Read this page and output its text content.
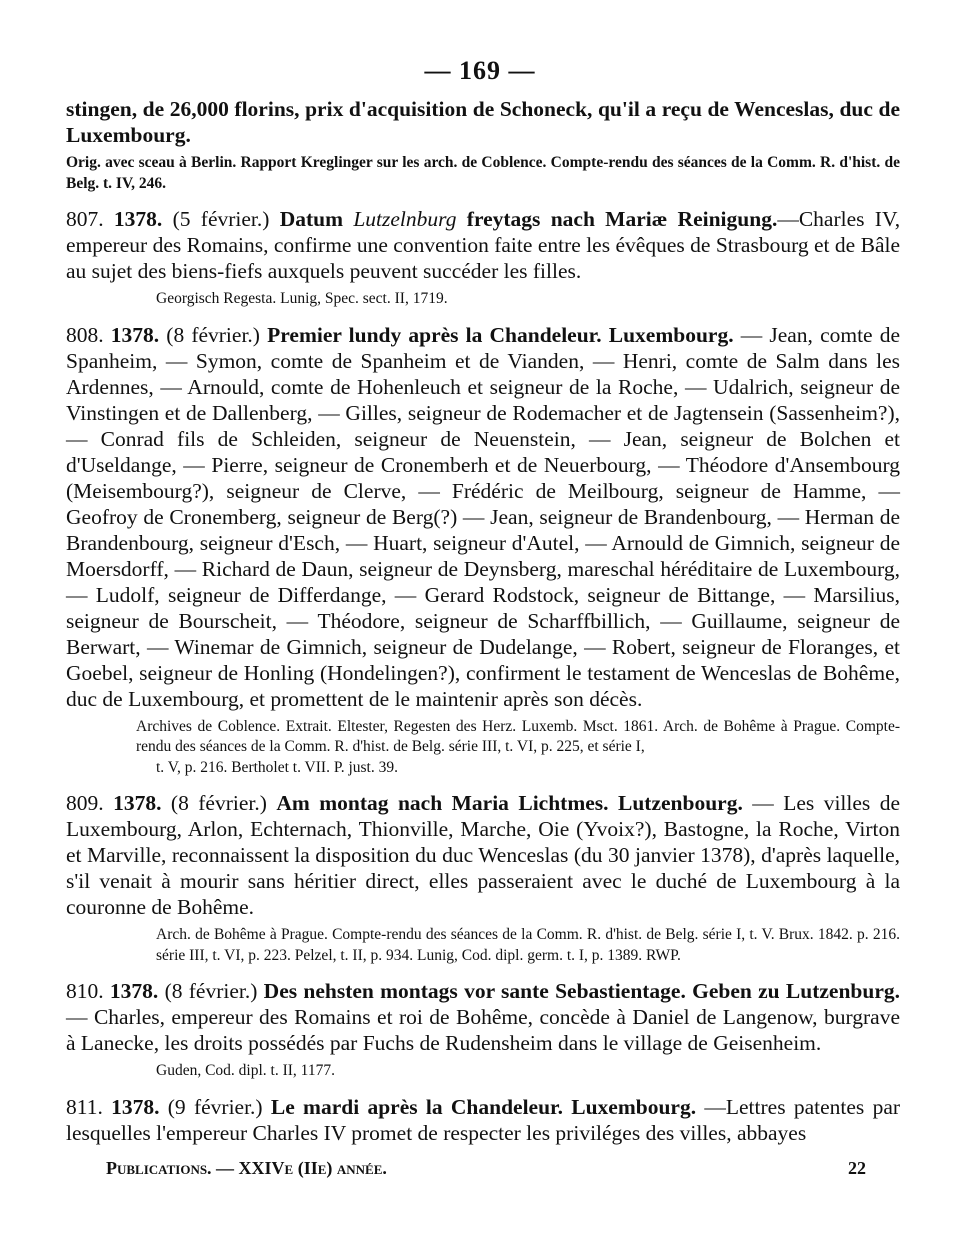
— 169 —

stingen, de 26,000 florins, prix d'acquisition de Schoneck, qu'il a reçu de Wenceslas, duc de Luxembourg.

Orig. avec sceau à Berlin. Rapport Kreglinger sur les arch. de Coblence. Compte-rendu des séances de la Comm. R. d'hist. de Belg. t. IV, 246.

807. 1378. (5 février.) Datum Lutzelnburg freytags nach Mariæ Reinigung.—Charles IV, empereur des Romains, confirme une convention faite entre les évêques de Strasbourg et de Bâle au sujet des biens-fiefs auxquels peuvent succéder les filles.

Georgisch Regesta. Lunig, Spec. sect. II, 1719.

808. 1378. (8 février.) Premier lundy après la Chandeleur. Luxembourg. — Jean, comte de Spanheim, — Symon, comte de Spanheim et de Vianden, — Henri, comte de Salm dans les Ardennes, — Arnould, comte de Hohenleuch et seigneur de la Roche, — Udalrich, seigneur de Vinstingen et de Dallenberg, — Gilles, seigneur de Rodemacher et de Jagtensein (Sassenheim?), — Conrad fils de Schleiden, seigneur de Neuenstein, — Jean, seigneur de Bolchen et d'Useldange, — Pierre, seigneur de Cronemberh et de Neuerbourg, — Théodore d'Ansembourg (Meisembourg?), seigneur de Clerve, — Frédéric de Meilbourg, seigneur de Hamme, — Geofroy de Cronemberg, seigneur de Berg(?) — Jean, seigneur de Brandenbourg, — Herman de Brandenbourg, seigneur d'Esch, — Huart, seigneur d'Autel, — Arnould de Gimnich, seigneur de Moersdorff, — Richard de Daun, seigneur de Deynsberg, mareschal héréditaire de Luxembourg, — Ludolf, seigneur de Differdange, — Gerard Rodstock, seigneur de Bittange, — Marsilius, seigneur de Bourscheit, — Théodore, seigneur de Scharffbillich, — Guillaume, seigneur de Berwart, — Winemar de Gimnich, seigneur de Dudelange, — Robert, seigneur de Floranges, et Goebel, seigneur de Honling (Hondelingen?), confirment le testament de Wenceslas de Bohême, duc de Luxembourg, et promettent de le maintenir après son décès.

Archives de Coblence. Extrait. Eltester, Regesten des Herz. Luxemb. Msct. 1861. Arch. de Bohême à Prague. Compte-rendu des séances de la Comm. R. d'hist. de Belg. série III, t. VI, p. 225, et série I,
t. V, p. 216. Bertholet t. VII. P. just. 39.

809. 1378. (8 février.) Am montag nach Maria Lichtmes. Lutzenbourg. — Les villes de Luxembourg, Arlon, Echternach, Thionville, Marche, Oie (Yvoix?), Bastogne, la Roche, Virton et Marville, reconnaissent la disposition du duc Wenceslas (du 30 janvier 1378), d'après laquelle, s'il venait à mourir sans héritier direct, elles passeraient avec le duché de Luxembourg à la couronne de Bohême.

Arch. de Bohême à Prague. Compte-rendu des séances de la Comm. R. d'hist. de Belg. série I, t. V. Brux. 1842. p. 216. série III, t. VI, p. 223. Pelzel, t. II, p. 934. Lunig, Cod. dipl. germ. t. I, p. 1389. RWP.

810. 1378. (8 février.) Des nehsten montags vor sante Sebastientage. Geben zu Lutzenburg. — Charles, empereur des Romains et roi de Bohême, concède à Daniel de Langenow, burgrave à Lanecke, les droits possédés par Fuchs de Rudensheim dans le village de Geisenheim.

Guden, Cod. dipl. t. II, 1177.

811. 1378. (9 février.) Le mardi après la Chandeleur. Luxembourg. —Lettres patentes par lesquelles l'empereur Charles IV promet de respecter les priviléges des villes, abbayes

Publications. — XXIVe (IIe) année.	22
